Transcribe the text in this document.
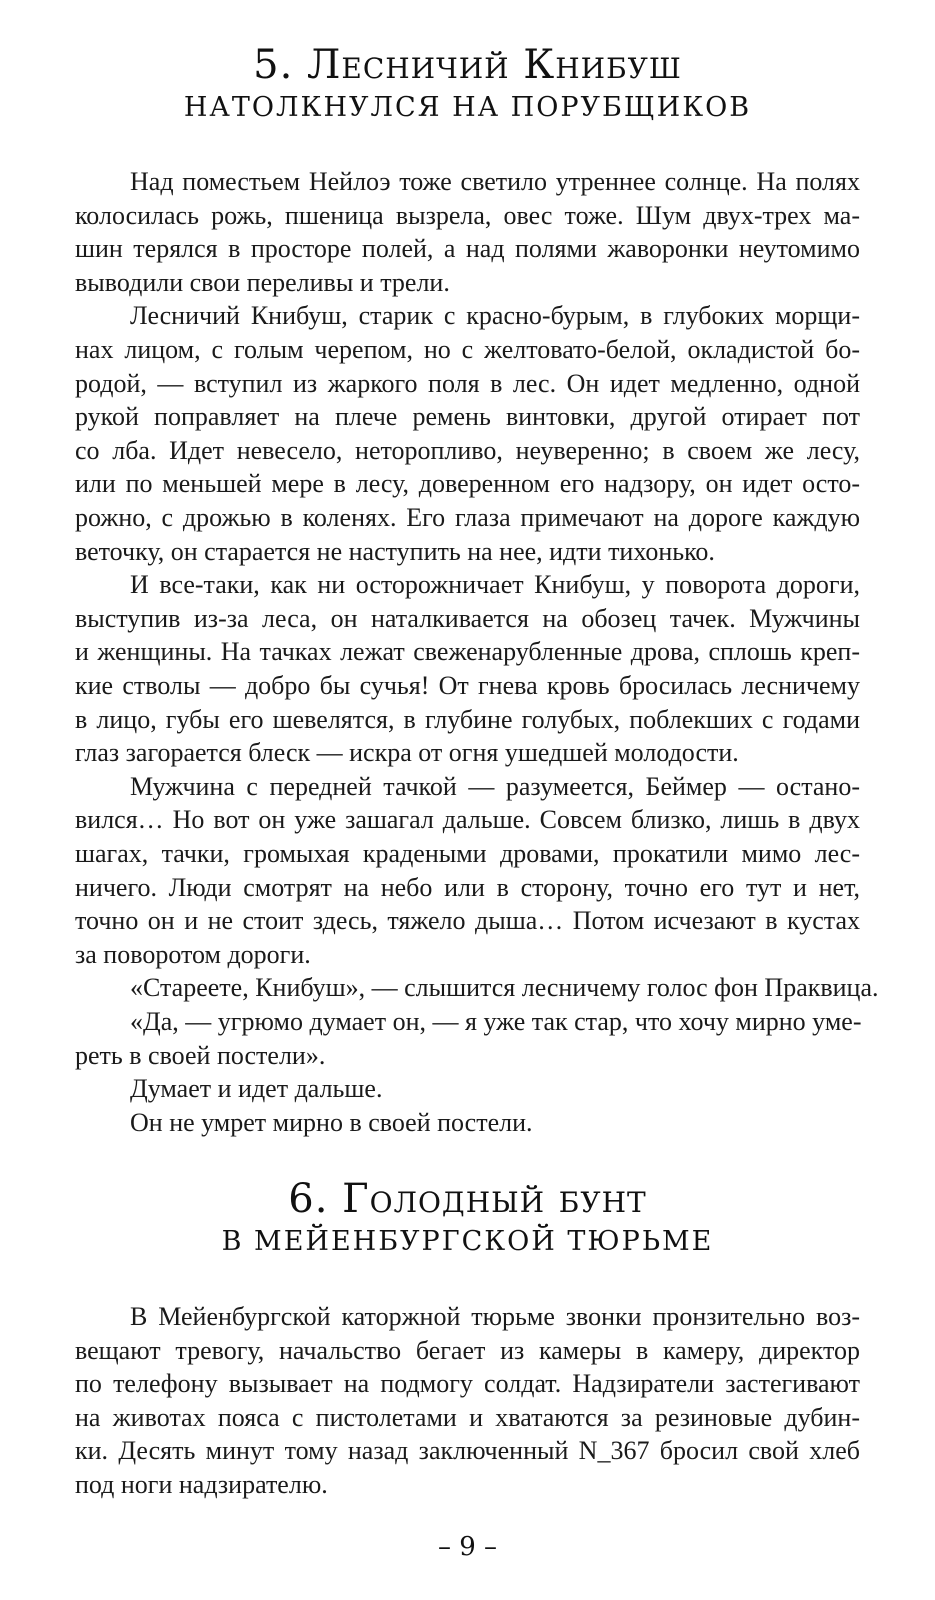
5. Лесничий Книбуш
НАТОЛКНУЛСЯ НА ПОРУБЩИКОВ
Над поместьем Нейлоэ тоже светило утреннее солнце. На полях
колосилась рожь, пшеница вызрела, овес тоже. Шум двух-трех ма-
шин терялся в просторе полей, а над полями жаворонки неутомимо
выводили свои переливы и трели.
Лесничий Книбуш, старик с красно-бурым, в глубоких морщи-
нах лицом, с голым черепом, но с желтовато-белой, окладистой бо-
родой, — вступил из жаркого поля в лес. Он идет медленно, одной
рукой поправляет на плече ремень винтовки, другой отирает пот
со лба. Идет невесело, неторопливо, неуверенно; в своем же лесу,
или по меньшей мере в лесу, доверенном его надзору, он идет осто-
рожно, с дрожью в коленях. Его глаза примечают на дороге каждую
веточку, он старается не наступить на нее, идти тихонько.
И все-таки, как ни осторожничает Книбуш, у поворота дороги,
выступив из-за леса, он наталкивается на обозец тачек. Мужчины
и женщины. На тачках лежат свеженарубленные дрова, сплошь креп-
кие стволы — добро бы сучья! От гнева кровь бросилась лесничему
в лицо, губы его шевелятся, в глубине голубых, поблекших с годами
глаз загорается блеск — искра от огня ушедшей молодости.
Мужчина с передней тачкой — разумеется, Беймер — остано-
вился… Но вот он уже зашагал дальше. Совсем близко, лишь в двух
шагах, тачки, громыхая крадеными дровами, прокатили мимо лес-
ничего. Люди смотрят на небо или в сторону, точно его тут и нет,
точно он и не стоит здесь, тяжело дыша… Потом исчезают в кустах
за поворотом дороги.
«Стареете, Книбуш», — слышится лесничему голос фон Праквица.
«Да, — угрюмо думает он, — я уже так стар, что хочу мирно уме-
реть в своей постели».
Думает и идет дальше.
Он не умрет мирно в своей постели.
6. Голодный бунт
В МЕЙЕНБУРГСКОЙ ТЮРЬМЕ
В Мейенбургской каторжной тюрьме звонки пронзительно воз-
вещают тревогу, начальство бегает из камеры в камеру, директор
по телефону вызывает на подмогу солдат. Надзиратели застегивают
на животах пояса с пистолетами и хватаются за резиновые дубин-
ки. Десять минут тому назад заключенный N_367 бросил свой хлеб
под ноги надзирателю.
– 9 –
